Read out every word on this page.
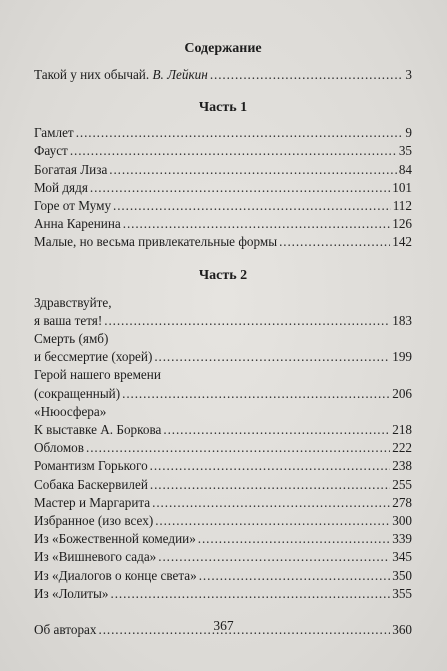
Содержание

Такой у них обычай. В. Лейкин . . .	3

Часть 1

Гамлет . . .	9
Фауст . . .	35
Богатая Лиза . . .	84
Мой дядя . . .	101
Горе от Муму . . .	112
Анна Каренина . . .	126
Малые, но весьма привлекательные формы . . .	142

Часть 2

Здравствуйте,
я ваша тетя! . . .	183
Смерть (ямб)
и бессмертие (хорей) . . .	199
Герой нашего времени
(сокращенный) . . .	206
«Нюосфера»
К выставке А. Боркова . . .	218
Обломов . . .	222
Романтизм Горького . . .	238
Собака Баскервилей . . .	255
Мастер и Маргарита . . .	278
Избранное (изо всех) . . .	300
Из «Божественной комедии» . . .	339
Из «Вишневого сада» . . .	345
Из «Диалогов о конце света» . . .	350
Из «Лолиты» . . .	355
Об авторах . . .	360
367
